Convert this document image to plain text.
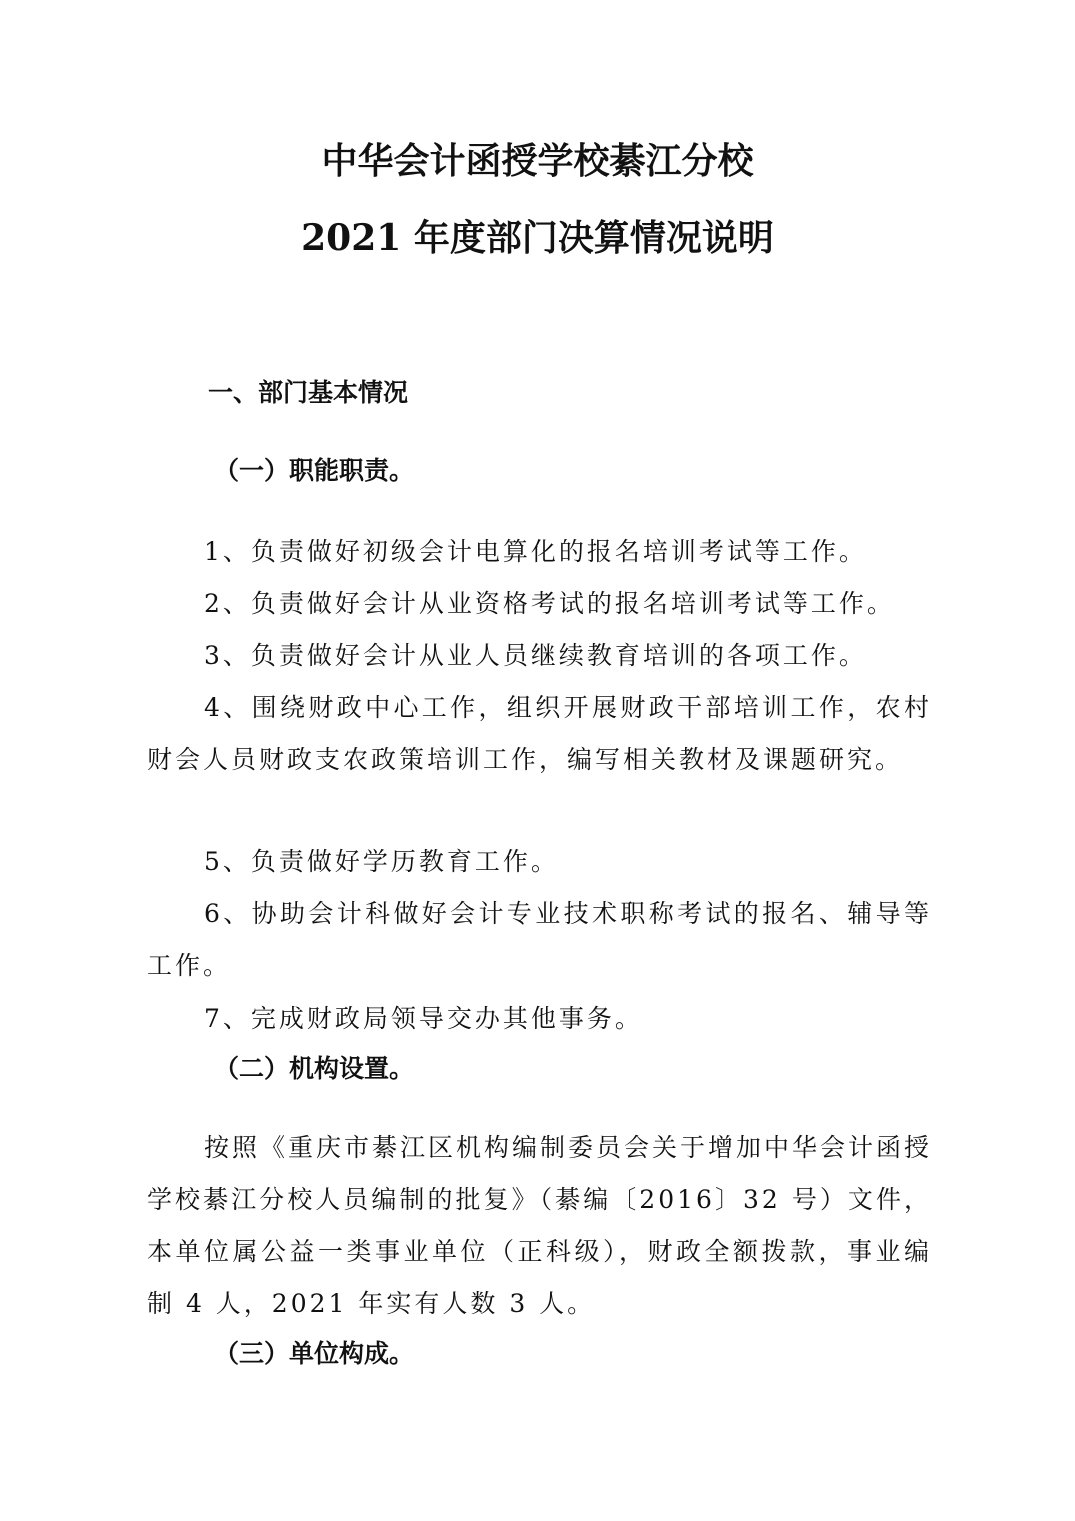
中华会计函授学校綦江分校
2021 年度部门决算情况说明
一、部门基本情况
（一）职能职责。

1、负责做好初级会计电算化的报名培训考试等工作。

2、负责做好会计从业资格考试的报名培训考试等工作。

3、负责做好会计从业人员继续教育培训的各项工作。

4、围绕财政中心工作，组织开展财政干部培训工作，农村财会人员财政支农政策培训工作，编写相关教材及课题研究。

5、负责做好学历教育工作。

6、协助会计科做好会计专业技术职称考试的报名、辅导等工作。

7、完成财政局领导交办其他事务。

（二）机构设置。

按照《重庆市綦江区机构编制委员会关于增加中华会计函授学校綦江分校人员编制的批复》（綦编〔2016〕32 号）文件，本单位属公益一类事业单位（正科级），财政全额拨款，事业编制 4 人，2021 年实有人数 3 人。

（三）单位构成。
